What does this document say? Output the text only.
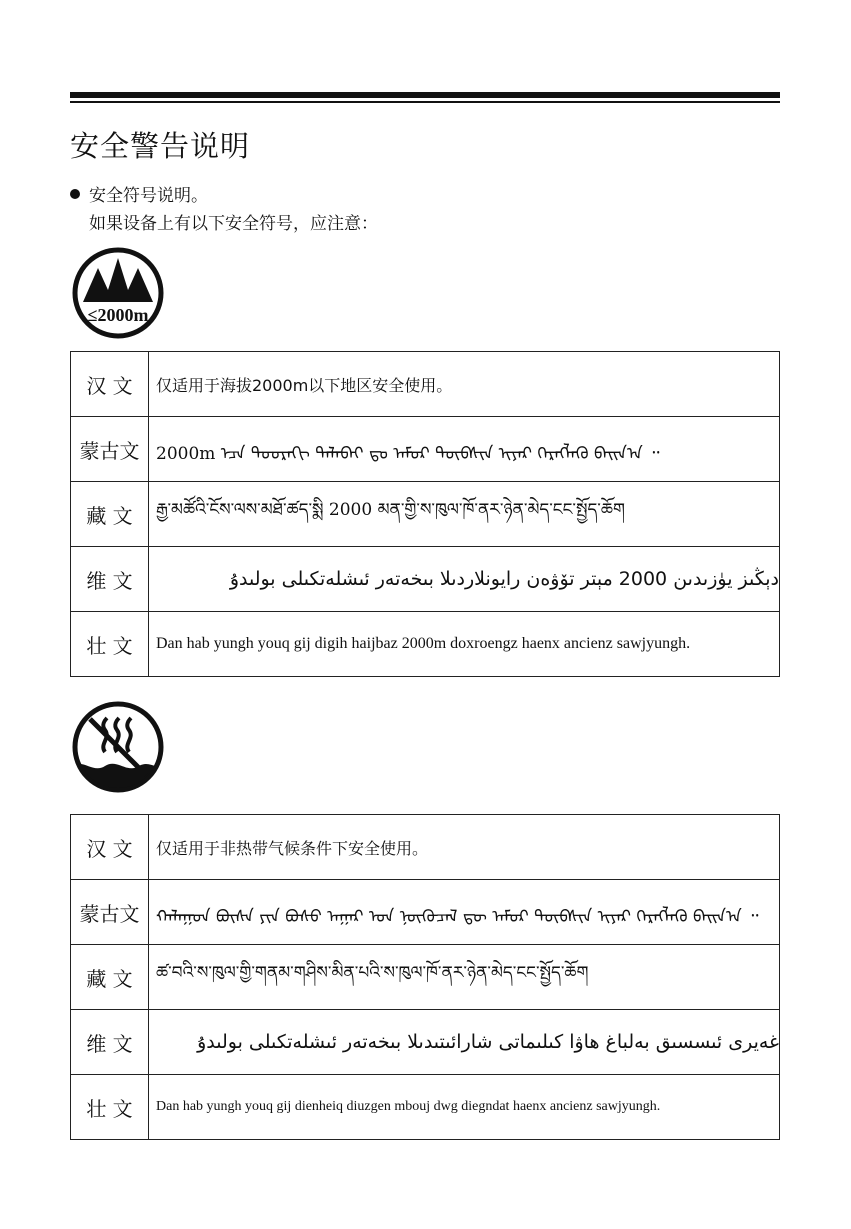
安全警告说明
安全符号说明。
如果设备上有以下安全符号，应注意：
≤2000m
汉 文	仅适用于海拔2000m以下地区安全使用。
蒙古文	2000m ᠡᠴᠡ ᠳᠣᠣᠷᠠᠬᠢ ᠲᠠᠯᠠᠪᠠᠢ ᠳᠤ ᠠᠮᠤᠷ ᠲᠥᠪᠰᠢᠨ ᠢᠶᠡᠷ ᠬᠡᠷᠡᠭᠯᠡᠬᠦ ᠪᠠᠢᠨ᠎ᠠ ᠃
藏 文	རྒྱ་མཚོའི་ངོས་ལས་མཐོ་ཚད་སྨི 2000 མན་གྱི་ས་ཁུལ་ཁོ་ནར་ཉེན་མེད་ངང་སྤྱོད་ཆོག
维 文	دېڭىز يۈزىدىن 2000 مېتر تۆۋەن رايونلاردىلا بىخەتەر ئىشلەتكىلى بولىدۇ
壮 文	Dan hab yungh youq gij digih haijbaz 2000m doxroengz haenx ancienz sawjyungh.
汉 文	仅适用于非热带气候条件下安全使用。
蒙古文	ᠬᠠᠯᠠᠭᠤᠨ ᠪᠦᠰᠡ ᠶᠢᠨ ᠪᠤᠰᠤ ᠠᠭᠠᠷ ᠤᠨ ᠨᠥᠬᠦᠴᠡᠯ ᠳᠦ ᠠᠮᠤᠷ ᠲᠥᠪᠰᠢᠨ ᠢᠶᠡᠷ ᠬᠡᠷᠡᠭᠯᠡᠬᠦ ᠪᠠᠢᠨ᠎ᠠ ᠃
藏 文	ཚ་བའི་ས་ཁུལ་གྱི་གནམ་གཤིས་མིན་པའི་ས་ཁུལ་ཁོ་ནར་ཉེན་མེད་ངང་སྤྱོད་ཆོག
维 文	غەيرى ئىسسىق بەلباغ ھاۋا كىلىماتى شارائىتىدىلا بىخەتەر ئىشلەتكىلى بولىدۇ
壮 文	Dan hab yungh youq gij dienheiq diuzgen mbouj dwg diegndat haenx ancienz sawjyungh.
